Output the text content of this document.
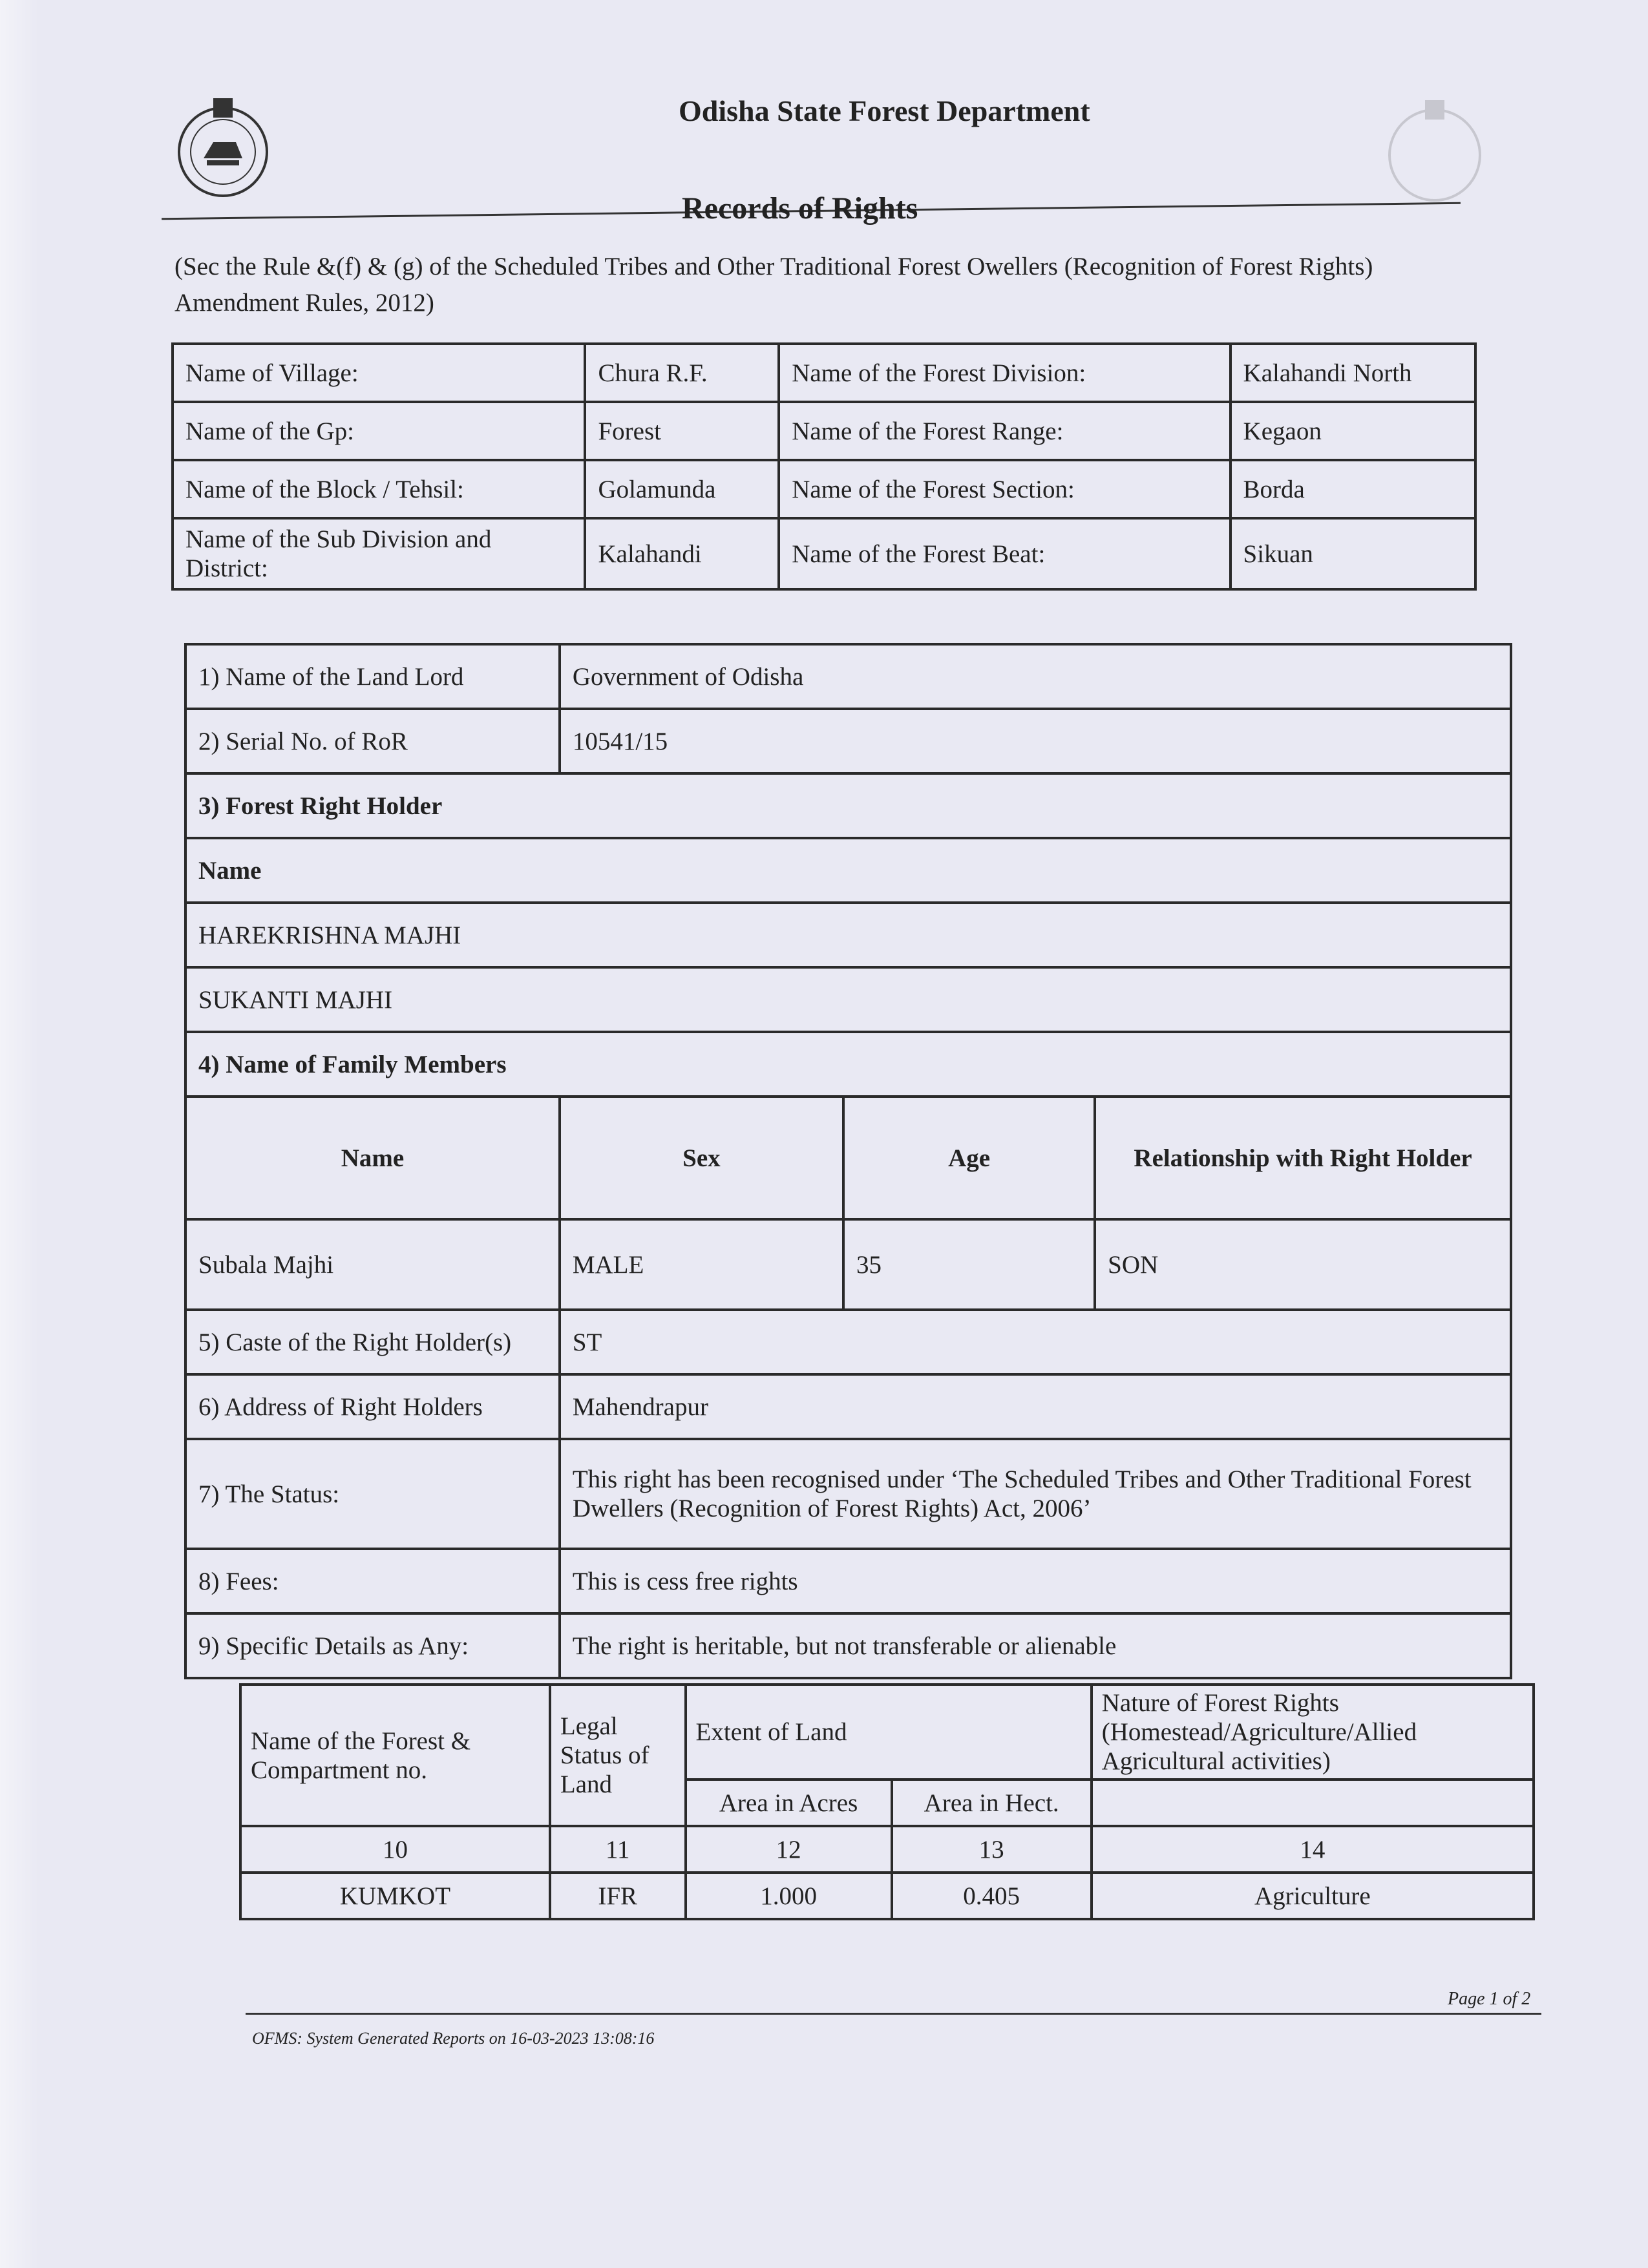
Odisha State Forest Department
Records of Rights
(Sec the Rule &(f) & (g) of the Scheduled Tribes and Other Traditional Forest Owellers (Recognition of Forest Rights) Amendment Rules, 2012)
Name of Village:	Chura R.F.	Name of the Forest Division:	Kalahandi North
Name of the Gp:	Forest	Name of the Forest Range:	Kegaon
Name of the Block / Tehsil:	Golamunda	Name of the Forest Section:	Borda
Name of the Sub Division and District:	Kalahandi	Name of the Forest Beat:	Sikuan
1) Name of the Land Lord	Government of Odisha		
2) Serial No. of RoR	10541/15		
3) Forest Right Holder			
Name			
HAREKRISHNA MAJHI			
SUKANTI MAJHI			
4) Name of Family Members			
Name	Sex	Age	Relationship with Right Holder
Subala Majhi	MALE	35	SON
5) Caste of the Right Holder(s)	ST		
6) Address of Right Holders	Mahendrapur		
7) The Status:	This right has been recognised under ‘The Scheduled Tribes and Other Traditional Forest Dwellers (Recognition of Forest Rights) Act, 2006’		
8) Fees:	This is cess free rights		
9) Specific Details as Any:	The right is heritable, but not transferable or alienable		
Name of the Forest & Compartment no.	Legal Status of Land	Extent of Land		Nature of Forest Rights (Homestead/Agriculture/Allied Agricultural activities)
		Area in Acres	Area in Hect.	
10	11	12	13	14
KUMKOT	IFR	1.000	0.405	Agriculture
Page 1 of 2
OFMS: System Generated Reports on 16-03-2023 13:08:16
